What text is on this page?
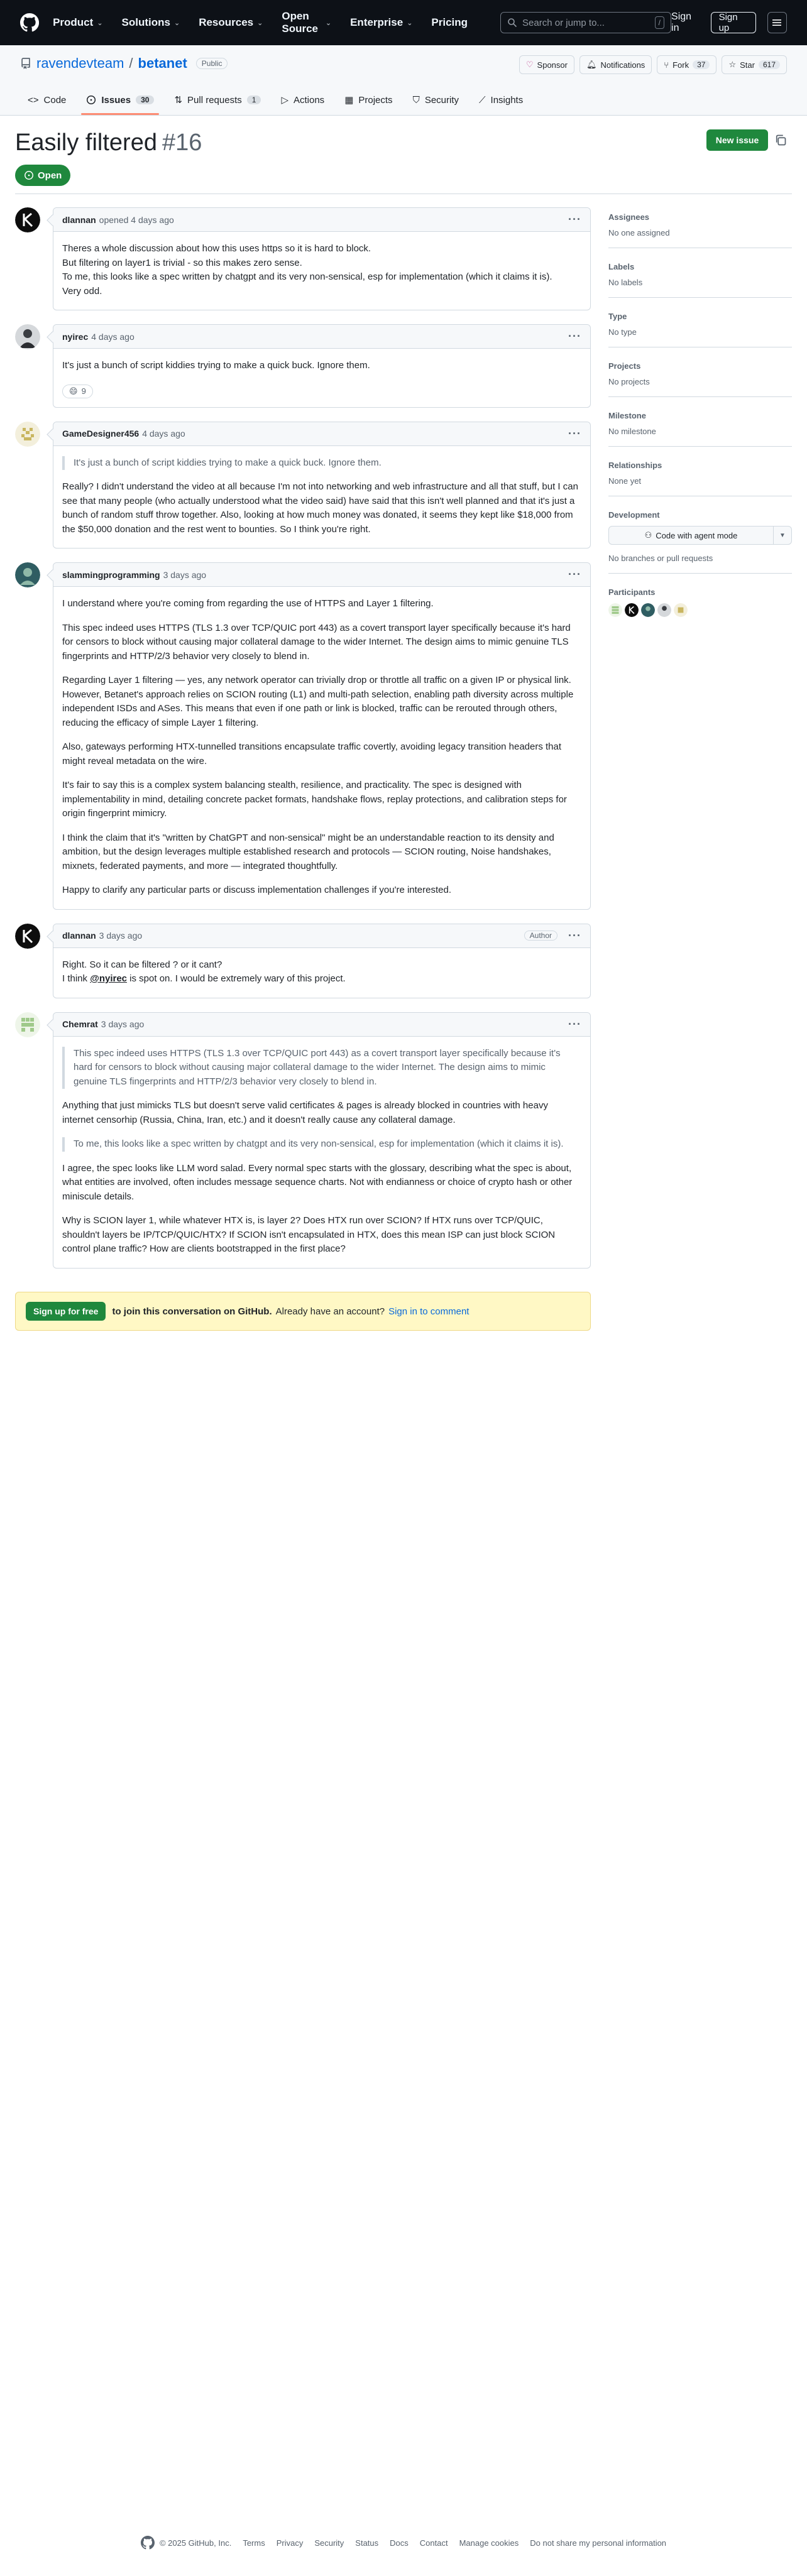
Product ⌄ Solutions ⌄ Resources ⌄
Open Source	⌄ Enterprise ⌄ Pricing	Search or jump to...	/
Sign in
Sign up
ravendevteam / betanet	Public	♡ Sponsor 🔔︎ Notifications ⑂ Fork	37	☆ Star	617
<> Code	Issues	30	⇅ Pull requests	1	▷ Actions ▦ Projects ⛉ Security ⟋ Insights
Easily filtered #16	New issue
Open
dlannan opened 4 days ago	···
Theres a whole discussion about how this uses https so it is hard to block.
But filtering on layer1 is trivial - so this makes zero sense.
To me, this looks like a spec written by chatgpt and its very non-sensical, esp for implementation (which it claims it is).
Very odd.
nyirec 4 days ago	···

It's just a bunch of script kiddies trying to make a quick buck. Ignore them.

😄 9
GameDesigner456 4 days ago	···
It's just a bunch of script kiddies trying to make a quick buck. Ignore them.

Really? I didn't understand the video at all because I'm not into networking and web infrastructure and all that stuff, but I can see that many people (who actually understood what the video said) have said that this isn't well planned and that it's just a bunch of random stuff throw together. Also, looking at how much money was donated, it seems they kept like $18,000 from the $50,000 donation and the rest went to bounties. So I think you're right.

slammingprogramming 3 days ago	···

I understand where you're coming from regarding the use of HTTPS and Layer 1 filtering.

This spec indeed uses HTTPS (TLS 1.3 over TCP/QUIC port 443) as a covert transport layer specifically because it's hard for censors to block without causing major collateral damage to the wider Internet. The design aims to mimic genuine TLS fingerprints and HTTP/2/3 behavior very closely to blend in.

Regarding Layer 1 filtering — yes, any network operator can trivially drop or throttle all traffic on a given IP or physical link. However, Betanet's approach relies on SCION routing (L1) and multi-path selection, enabling path diversity across multiple independent ISDs and ASes. This means that even if one path or link is blocked, traffic can be rerouted through others, reducing the efficacy of simple Layer 1 filtering.

Also, gateways performing HTX-tunnelled transitions encapsulate traffic covertly, avoiding legacy transition headers that might reveal metadata on the wire.

It's fair to say this is a complex system balancing stealth, resilience, and practicality. The spec is designed with implementability in mind, detailing concrete packet formats, handshake flows, replay protections, and calibration steps for origin fingerprint mimicry.

I think the claim that it's "written by ChatGPT and non-sensical" might be an understandable reaction to its density and ambition, but the design leverages multiple established research and protocols — SCION routing, Noise handshakes, mixnets, federated payments, and more — integrated thoughtfully.

Happy to clarify any particular parts or discuss implementation challenges if you're interested.

dlannan 3 days ago	Author	···
Right. So it can be filtered ? or it cant?
I think @nyirec is spot on. I would be extremely wary of this project.
Chemrat 3 days ago	···
This spec indeed uses HTTPS (TLS 1.3 over TCP/QUIC port 443) as a covert transport layer specifically because it's hard for censors to block without causing major collateral damage to the wider Internet. The design aims to mimic genuine TLS fingerprints and HTTP/2/3 behavior very closely to blend in.

Anything that just mimicks TLS but doesn't serve valid certificates & pages is already blocked in countries with heavy internet censorhip (Russia, China, Iran, etc.) and it doesn't really cause any collateral damage.

To me, this looks like a spec written by chatgpt and its very non-sensical, esp for implementation (which it claims it is).

I agree, the spec looks like LLM word salad. Every normal spec starts with the glossary, describing what the spec is about, what entities are involved, often includes message sequence charts. Not with endianness or choice of crypto hash or other miniscule details.

Why is SCION layer 1, while whatever HTX is, is layer 2? Does HTX run over SCION? If HTX runs over TCP/QUIC, shouldn't layers be IP/TCP/QUIC/HTX? If SCION isn't encapsulated in HTX, does this mean ISP can just block SCION control plane traffic? How are clients bootstrapped in the first place?

Sign up for free	to join this conversation on GitHub. Already have an account? Sign in to comment
Assignees
No one assigned
Labels
No labels
Type
No type
Projects
No projects
Milestone
No milestone
Relationships
None yet
Development
⚇ Code with agent mode	▼
No branches or pull requests
Participants
© 2025 GitHub, Inc. Terms Privacy Security Status Docs Contact Manage cookies Do not share my personal information
